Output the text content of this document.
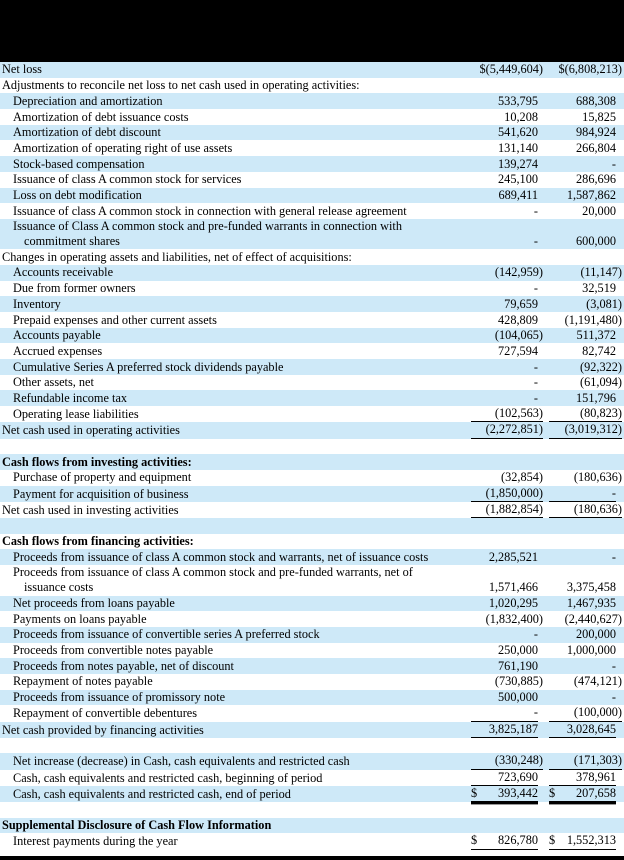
Net loss	$(5,449,604)	$(6,808,213)

Adjustments to reconcile net loss to net cash used in operating activities:		

Depreciation and amortization	533,795	688,308

Amortization of debt issuance costs	10,208	15,825

Amortization of debt discount	541,620	984,924

Amortization of operating right of use assets	131,140	266,804

Stock-based compensation	139,274	-

Issuance of class A common stock for services	245,100	286,696

Loss on debt modification	689,411	1,587,862

Issuance of class A common stock in connection with general release agreement	-	20,000

Issuance of Class A common stock and pre-funded warrants in connection with
commitment shares	-	600,000

Changes in operating assets and liabilities, net of effect of acquisitions:		

Accounts receivable	(142,959)	(11,147)

Due from former owners	-	32,519

Inventory	79,659	(3,081)

Prepaid expenses and other current assets	428,809	(1,191,480)

Accounts payable	(104,065)	511,372

Accrued expenses	727,594	82,742

Cumulative Series A preferred stock dividends payable	-	(92,322)

Other assets, net	-	(61,094)

Refundable income tax	-	151,796

Operating lease liabilities	(102,563)	(80,823)

Net cash used in operating activities	(2,272,851)	(3,019,312)

Cash flows from investing activities:		

Purchase of property and equipment	(32,854)	(180,636)

Payment for acquisition of business	(1,850,000)	-

Net cash used in investing activities	(1,882,854)	(180,636)

Cash flows from financing activities:		

Proceeds from issuance of class A common stock and warrants, net of issuance costs	2,285,521	-

Proceeds from issuance of class A common stock and pre-funded warrants, net of
issuance costs	1,571,466	3,375,458

Net proceeds from loans payable	1,020,295	1,467,935

Payments on loans payable	(1,832,400)	(2,440,627)

Proceeds from issuance of convertible series A preferred stock	-	200,000

Proceeds from convertible notes payable	250,000	1,000,000

Proceeds from notes payable, net of discount	761,190	-

Repayment of notes payable	(730,885)	(474,121)

Proceeds from issuance of promissory note	500,000	-

Repayment of convertible debentures	-	(100,000)

Net cash provided by financing activities	3,825,187	3,028,645

Net increase (decrease) in Cash, cash equivalents and restricted cash	(330,248)	(171,303)

Cash, cash equivalents and restricted cash, beginning of period	723,690	378,961

Cash, cash equivalents and restricted cash, end of period	$ 393,442	$ 207,658

Supplemental Disclosure of Cash Flow Information		

Interest payments during the year	$ 826,780	$ 1,552,313
